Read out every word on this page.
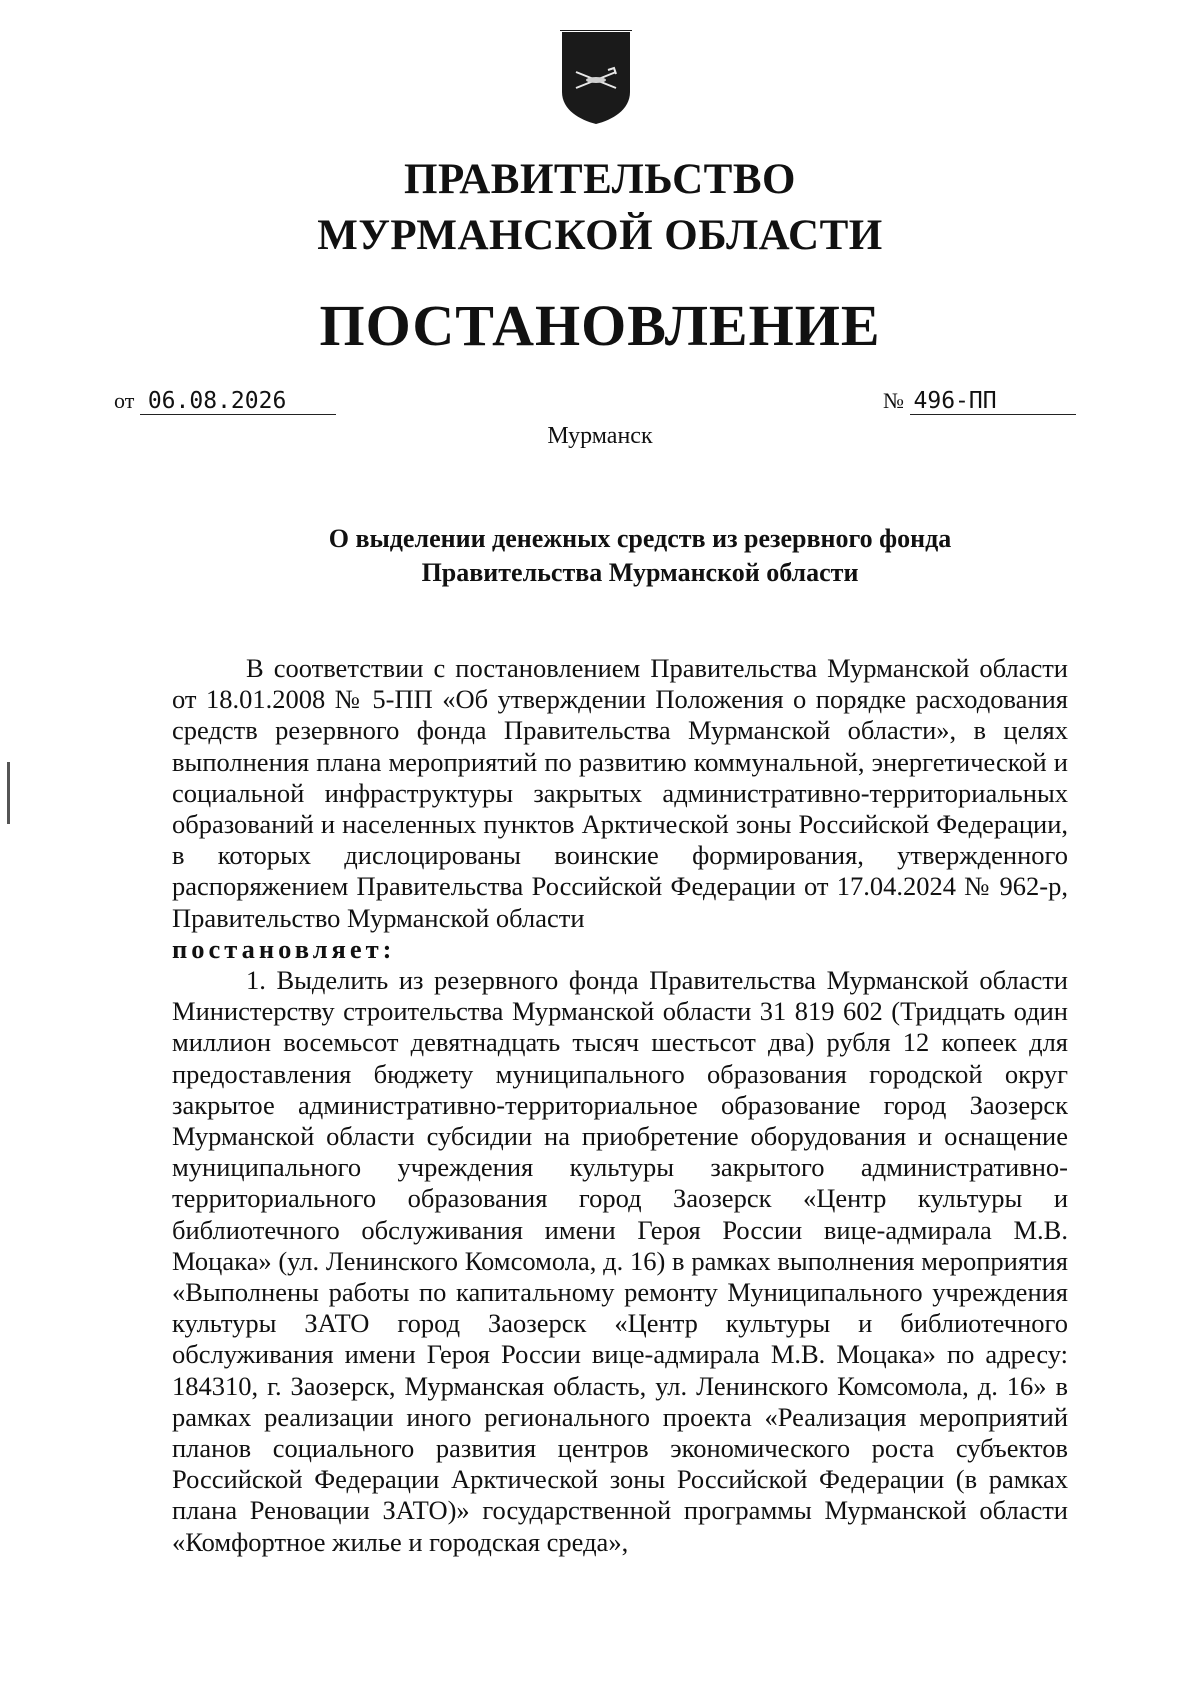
ПРАВИТЕЛЬСТВО
МУРМАНСКОЙ ОБЛАСТИ
ПОСТАНОВЛЕНИЕ
от 06.08.2026	№ 496-ПП
Мурманск
О выделении денежных средств из резервного фонда
Правительства Мурманской области

В соответствии с постановлением Правительства Мурманской области от 18.01.2008 № 5-ПП «Об утверждении Положения о порядке расходования средств резервного фонда Правительства Мурманской области», в целях выполнения плана мероприятий по развитию коммунальной, энергетической и социальной инфраструктуры закрытых административно-территориальных образований и населенных пунктов Арктической зоны Российской Федерации, в которых дислоцированы воинские формирования, утвержденного распоряжением Правительства Российской Федерации от 17.04.2024 № 962-р, Правительство Мурманской области

постановляет:

1. Выделить из резервного фонда Правительства Мурманской области Министерству строительства Мурманской области 31 819 602 (Тридцать один миллион восемьсот девятнадцать тысяч шестьсот два) рубля 12 копеек для предоставления бюджету муниципального образования городской округ закрытое административно-территориальное образование город Заозерск Мурманской области субсидии на приобретение оборудования и оснащение муниципального учреждения культуры закрытого административно-территориального образования город Заозерск «Центр культуры и библиотечного обслуживания имени Героя России вице-адмирала М.В. Моцака» (ул. Ленинского Комсомола, д. 16) в рамках выполнения мероприятия «Выполнены работы по капитальному ремонту Муниципального учреждения культуры ЗАТО город Заозерск «Центр культуры и библиотечного обслуживания имени Героя России вице-адмирала М.В. Моцака» по адресу: 184310, г. Заозерск, Мурманская область, ул. Ленинского Комсомола, д. 16» в рамках реализации иного регионального проекта «Реализация мероприятий планов социального развития центров экономического роста субъектов Российской Федерации Арктической зоны Российской Федерации (в рамках плана Реновации ЗАТО)» государственной программы Мурманской области «Комфортное жилье и городская среда»,
